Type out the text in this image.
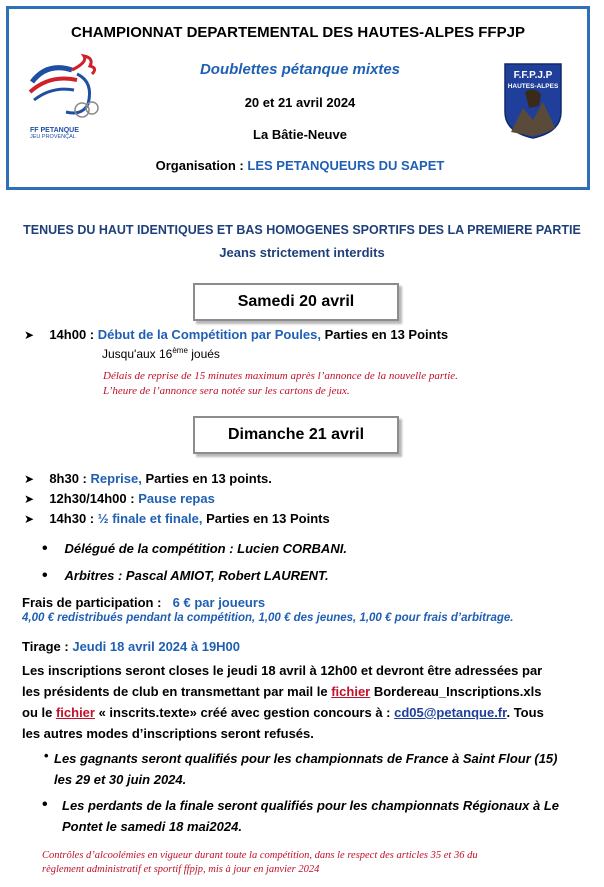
FF PETANQUE
JEU PROVENÇAL
F.F.P.J.P
HAUTES-ALPES
CHAMPIONNAT DEPARTEMENTAL DES HAUTES-ALPES FFPJP
Doublettes pétanque mixtes
20 et 21 avril 2024
La Bâtie-Neuve
Organisation : LES PETANQUEURS DU SAPET
TENUES DU HAUT IDENTIQUES ET BAS HOMOGENES SPORTIFS DES LA PREMIERE PARTIE
Jeans strictement interdits
Samedi 20 avril
➤ 14h00 : Début de la Compétition par Poules, Parties en 13 Points
Jusqu'aux 16ème joués
Délais de reprise de 15 minutes maximum après l’annonce de la nouvelle partie.
L’heure de l’annonce sera notée sur les cartons de jeux.
Dimanche 21 avril
➤ 8h30 : Reprise, Parties en 13 points.
➤ 12h30/14h00 : Pause repas
➤ 14h30 : ½ finale et finale, Parties en 13 Points
• Délégué de la compétition : Lucien CORBANI.
• Arbitres : Pascal AMIOT, Robert LAURENT.
Frais de participation : 6 € par joueurs
4,00 € redistribués pendant la compétition, 1,00 € des jeunes, 1,00 € pour frais d’arbitrage.
Tirage : Jeudi 18 avril 2024 à 19H00
Les inscriptions seront closes le jeudi 18 avril à 12h00 et devront être adressées par
les présidents de club en transmettant par mail le fichier Bordereau_Inscriptions.xls
ou le fichier « inscrits.texte» créé avec gestion concours à : cd05@petanque.fr. Tous
les autres modes d’inscriptions seront refusés.
• Les gagnants seront qualifiés pour les championnats de France à Saint Flour (15)
les 29 et 30 juin 2024.
• Les perdants de la finale seront qualifiés pour les championnats Régionaux à Le
Pontet le samedi 18 mai2024.
Contrôles d’alcoolémies en vigueur durant toute la compétition, dans le respect des articles 35 et 36 du
règlement administratif et sportif ffpjp, mis à jour en janvier 2024
